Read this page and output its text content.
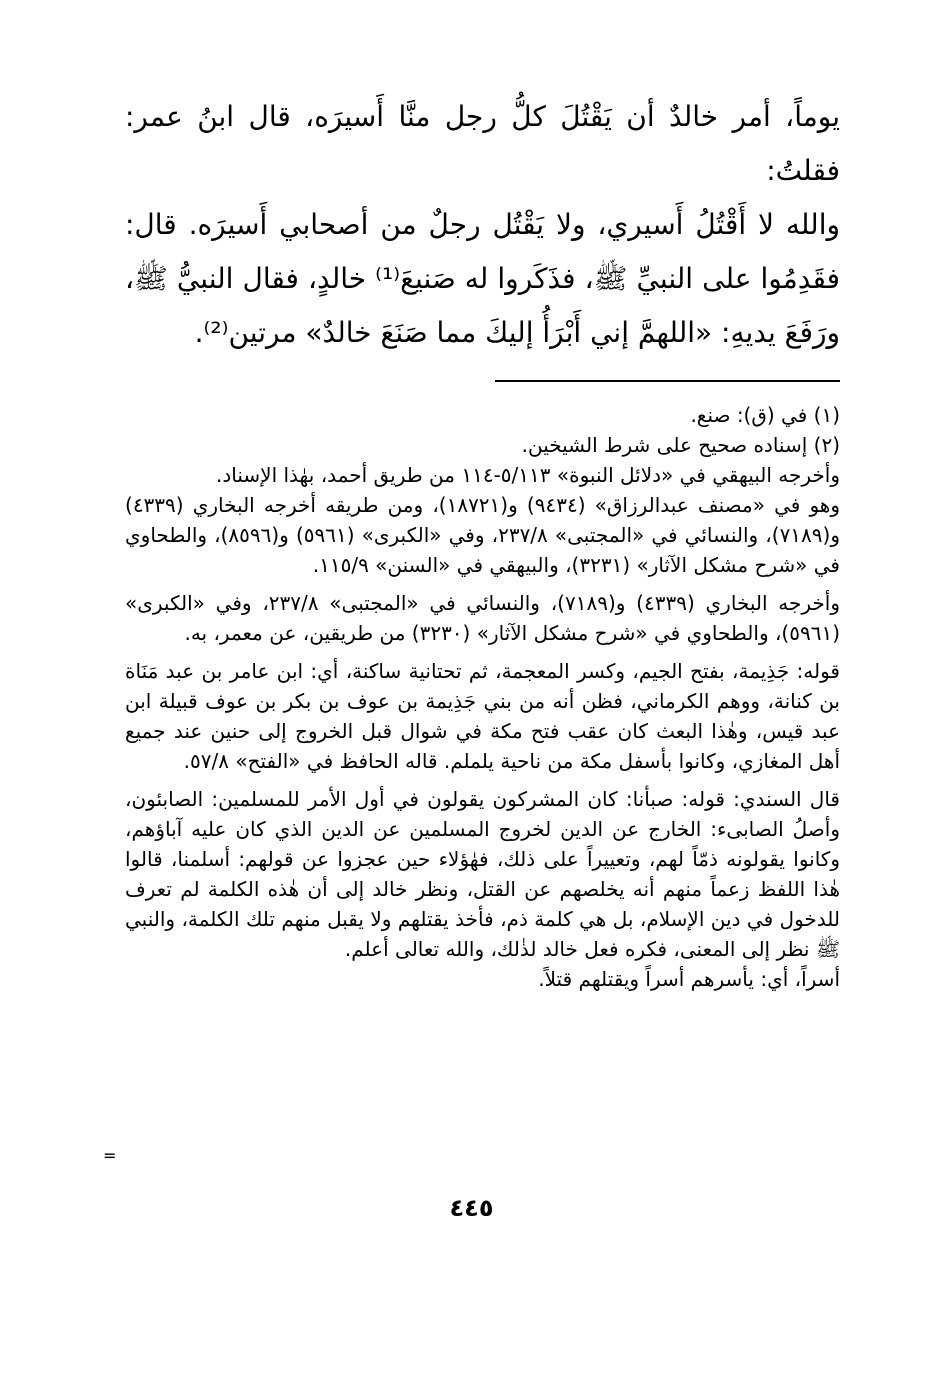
يوماً، أمر خالدٌ أن يَقْتُلَ كلُّ رجل منَّا أَسيرَه، قال ابنُ عمر: فقلتُ:

والله لا أَقْتُلُ أَسيري، ولا يَقْتُل رجلٌ من أصحابي أَسيرَه. قال:

فقَدِمُوا على النبيِّ ﷺ، فذَكَروا له صَنيعَ⁽¹⁾ خالدٍ، فقال النبيُّ ﷺ،

ورَفَعَ يديهِ: «اللهمَّ إني أَبْرَأُ إليكَ مما صَنَعَ خالدٌ» مرتين⁽²⁾.

(١) في (ق): صنع.

(٢) إسناده صحيح على شرط الشيخين.

وأخرجه البيهقي في «دلائل النبوة» ٥/١١٣-١١٤ من طريق أحمد، بهٰذا الإسناد.

وهو في «مصنف عبدالرزاق» (٩٤٣٤) و(١٨٧٢١)، ومن طريقه أخرجه البخاري (٤٣٣٩) و(٧١٨٩)، والنسائي في «المجتبى» ٢٣٧/٨، وفي «الكبرى» (٥٩٦١) و(٨٥٩٦)، والطحاوي في «شرح مشكل الآثار» (٣٢٣١)، والبيهقي في «السنن» ١١٥/٩.

وأخرجه البخاري (٤٣٣٩) و(٧١٨٩)، والنسائي في «المجتبى» ٢٣٧/٨، وفي «الكبرى» (٥٩٦١)، والطحاوي في «شرح مشكل الآثار» (٣٢٣٠) من طريقين، عن معمر، به.

قوله: جَذِيمة، بفتح الجيم، وكسر المعجمة، ثم تحتانية ساكنة، أي: ابن عامر بن عبد مَنَاة بن كنانة، ووهم الكرماني، فظن أنه من بني جَذِيمة بن عوف بن بكر بن عوف قبيلة ابن عبد قيس، وهٰذا البعث كان عقب فتح مكة في شوال قبل الخروج إلى حنين عند جميع أهل المغازي، وكانوا بأسفل مكة من ناحية يلملم. قاله الحافظ في «الفتح» ٥٧/٨.

قال السندي: قوله: صبأنا: كان المشركون يقولون في أول الأمر للمسلمين: الصابئون، وأصلُ الصابىء: الخارج عن الدين لخروج المسلمين عن الدين الذي كان عليه آباؤهم، وكانوا يقولونه ذمّاً لهم، وتعييراً على ذلك، فهٰؤلاء حين عجزوا عن قولهم: أسلمنا، قالوا هٰذا اللفظ زعماً منهم أنه يخلصهم عن القتل، ونظر خالد إلى أن هٰذه الكلمة لم تعرف للدخول في دين الإسلام، بل هي كلمة ذم، فأخذ يقتلهم ولا يقبل منهم تلك الكلمة، والنبي ﷺ نظر إلى المعنى، فكره فعل خالد لذٰلك، والله تعالى أعلم.

أسراً، أي: يأسرهم أسراً ويقتلهم قتلاً.

=
٤٤٥
